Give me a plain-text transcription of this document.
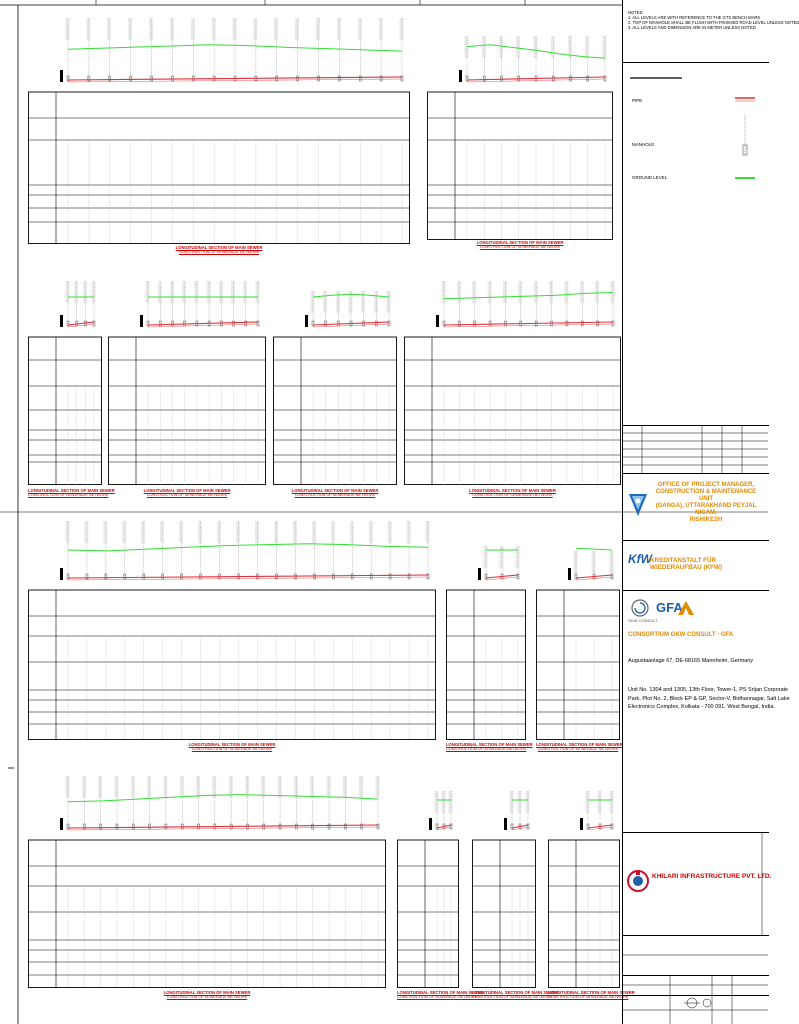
LONGITUDINAL SECTION OF MAIN SEWER
CONSTRUCTION OF SEWERAGE NETWORK
LONGITUDINAL SECTION OF MAIN SEWER
CONSTRUCTION OF SEWERAGE NETWORK
LONGITUDINAL SECTION OF MAIN SEWER
CONSTRUCTION OF SEWERAGE NETWORK
LONGITUDINAL SECTION OF MAIN SEWER
CONSTRUCTION OF SEWERAGE NETWORK
LONGITUDINAL SECTION OF MAIN SEWER
CONSTRUCTION OF SEWERAGE NETWORK
LONGITUDINAL SECTION OF MAIN SEWER
CONSTRUCTION OF SEWERAGE NETWORK
LONGITUDINAL SECTION OF MAIN SEWER
CONSTRUCTION OF SEWERAGE NETWORK
LONGITUDINAL SECTION OF MAIN SEWER
CONSTRUCTION OF SEWERAGE NETWORK
LONGITUDINAL SECTION OF MAIN SEWER
CONSTRUCTION OF SEWERAGE NETWORK
LONGITUDINAL SECTION OF MAIN SEWER
CONSTRUCTION OF SEWERAGE NETWORK
LONGITUDINAL SECTION OF MAIN SEWER
CONSTRUCTION OF SEWERAGE NETWORK
LONGITUDINAL SECTION OF MAIN SEWER
CONSTRUCTION OF SEWERAGE NETWORK
LONGITUDINAL SECTION OF MAIN SEWER
CONSTRUCTION OF SEWERAGE NETWORK
NOTES:
1. ALL LEVELS ARE WITH REFERENCE TO THE GTS BENCH MARK
2. TOP OF MANHOLE SHALL BE FLUSH WITH FINISHED ROAD LEVEL UNLESS NOTED
3. ALL LEVELS AND DIMENSION ARE IN METER UNLESS NOTED
PIPE
MANHOLE
GROUND LEVEL
OFFICE OF PROJECT MANAGER,
CONSTRUCTION & MAINTENANCE UNIT
(GANGA), UTTARAKHAND PEYJAL NIGAM,
RISHIKESH
KfW
KREDITANSTALT FÜR WIEDERAUFBAU (KFW)
GKW CONSULT
GFA
CONSORTIUM GKW CONSULT - GFA
Augustaanlage 67, DE-68165 Mannheim, Germany
Unit No. 1304 and 1305, 13th Floor, Tower-1, PS Srijan Corporate
Park, Plot No. 2, Block EP & GP, Sector-V, Bidhannagar, Salt Lake
Electronics Complex, Kolkata - 700 091, West Bengal, India.
KHILARI INFRASTRUCTURE PVT. LTD.
